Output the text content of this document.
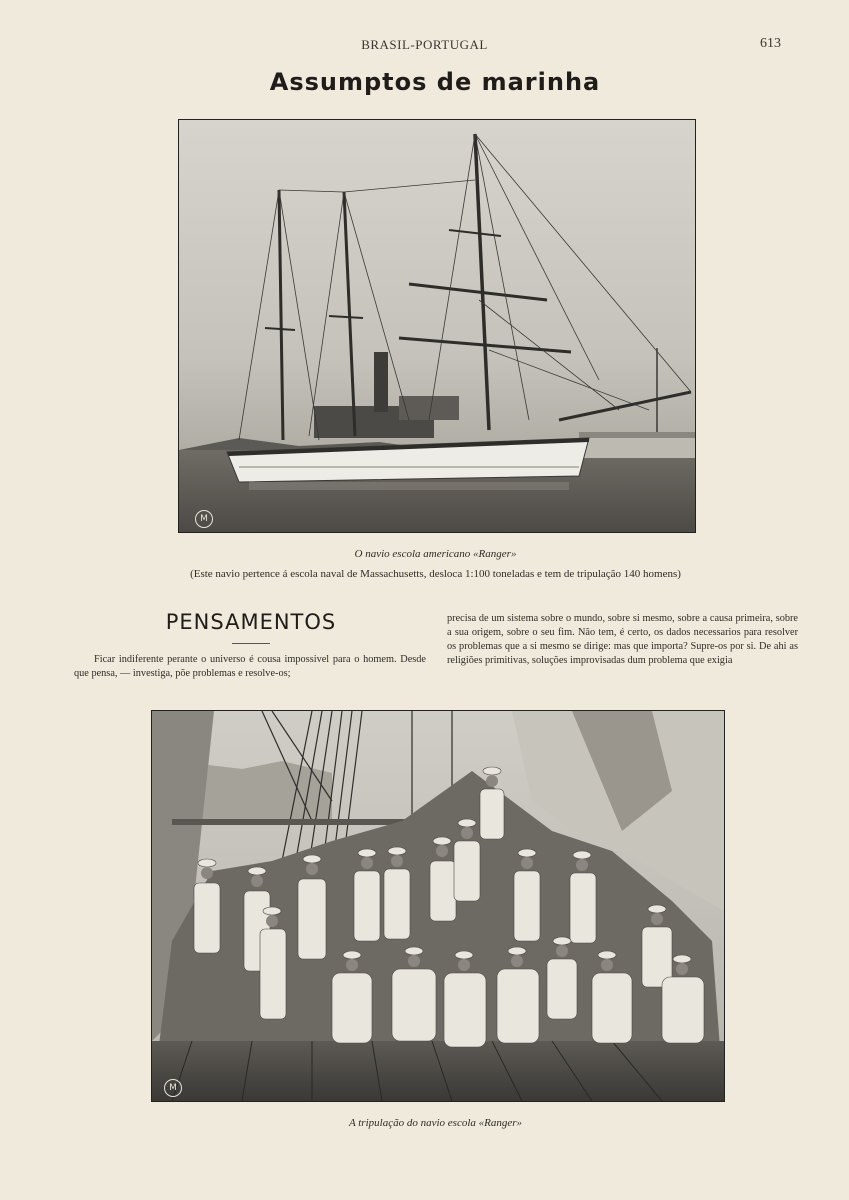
BRASIL-PORTUGAL	613
Assumptos de marinha
M
O navio escola americano «Ranger»
(Este navio pertence á escola naval de Massachusetts, desloca 1:100 toneladas e tem de tripulação 140 homens)
PENSAMENTOS
Ficar indiferente perante o universo é cousa impossivel para o homem. Desde que pensa, — investiga, põe problemas e resolve-os;
precisa de um sistema sobre o mundo, sobre si mesmo, sobre a causa primeira, sobre a sua origem, sobre o seu fim. Não tem, é certo, os dados necessarios para resolver os problemas que a si mesmo se dirige: mas que importa? Supre-os por si. De ahi as religiões primitivas, soluções improvisadas dum problema que exigia
M
A tripulação do navio escola «Ranger»
